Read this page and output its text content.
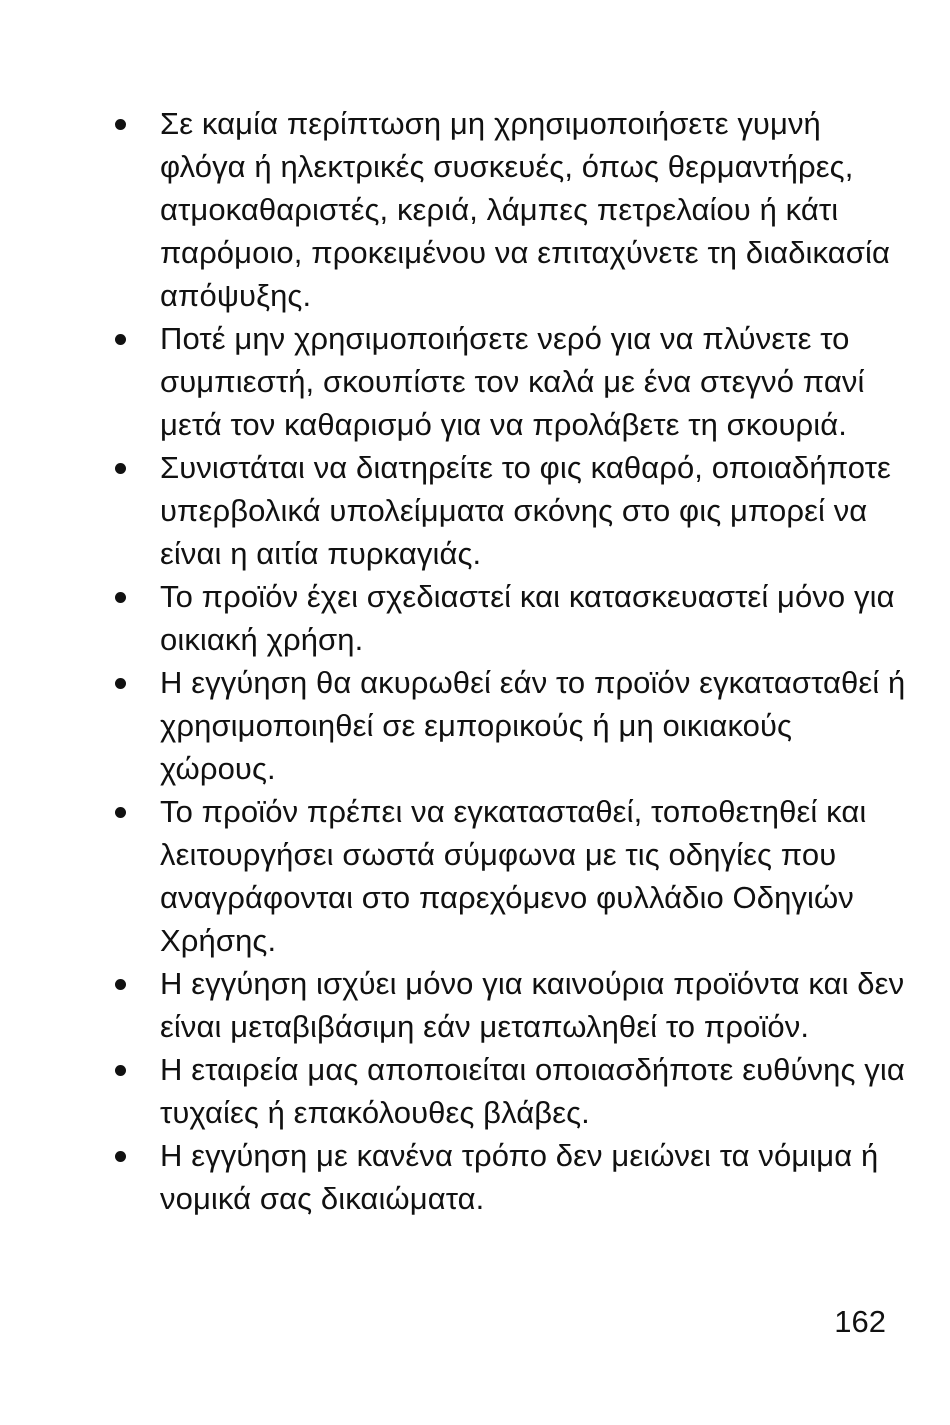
Σε καμία περίπτωση μη χρησιμοποιήσετε γυμνή φλόγα ή ηλεκτρικές συσκευές, όπως θερμαντήρες, ατμοκαθαριστές, κεριά, λάμπες πετρελαίου ή κάτι παρόμοιο, προκειμένου να επιταχύνετε τη διαδικασία απόψυξης.
Ποτέ μην χρησιμοποιήσετε νερό για να πλύνετε το συμπιεστή, σκουπίστε τον καλά με ένα στεγνό πανί μετά τον καθαρισμό για να προλάβετε τη σκουριά.
Συνιστάται να διατηρείτε το φις καθαρό, οποιαδήποτε υπερβολικά υπολείμματα σκόνης στο φις μπορεί να είναι η αιτία πυρκαγιάς.
Το προϊόν έχει σχεδιαστεί και κατασκευαστεί μόνο για οικιακή χρήση.
Η εγγύηση θα ακυρωθεί εάν το προϊόν εγκατασταθεί ή χρησιμοποιηθεί σε εμπορικούς ή μη οικιακούς χώρους.
Το προϊόν πρέπει να εγκατασταθεί, τοποθετηθεί και λειτουργήσει σωστά σύμφωνα με τις οδηγίες που αναγράφονται στο παρεχόμενο φυλλάδιο Οδηγιών Χρήσης.
Η εγγύηση ισχύει μόνο για καινούρια προϊόντα και δεν είναι μεταβιβάσιμη εάν μεταπωληθεί το προϊόν.
Η εταιρεία μας αποποιείται οποιασδήποτε ευθύνης για τυχαίες ή επακόλουθες βλάβες.
Η εγγύηση με κανένα τρόπο δεν μειώνει τα νόμιμα ή νομικά σας δικαιώματα.
162
